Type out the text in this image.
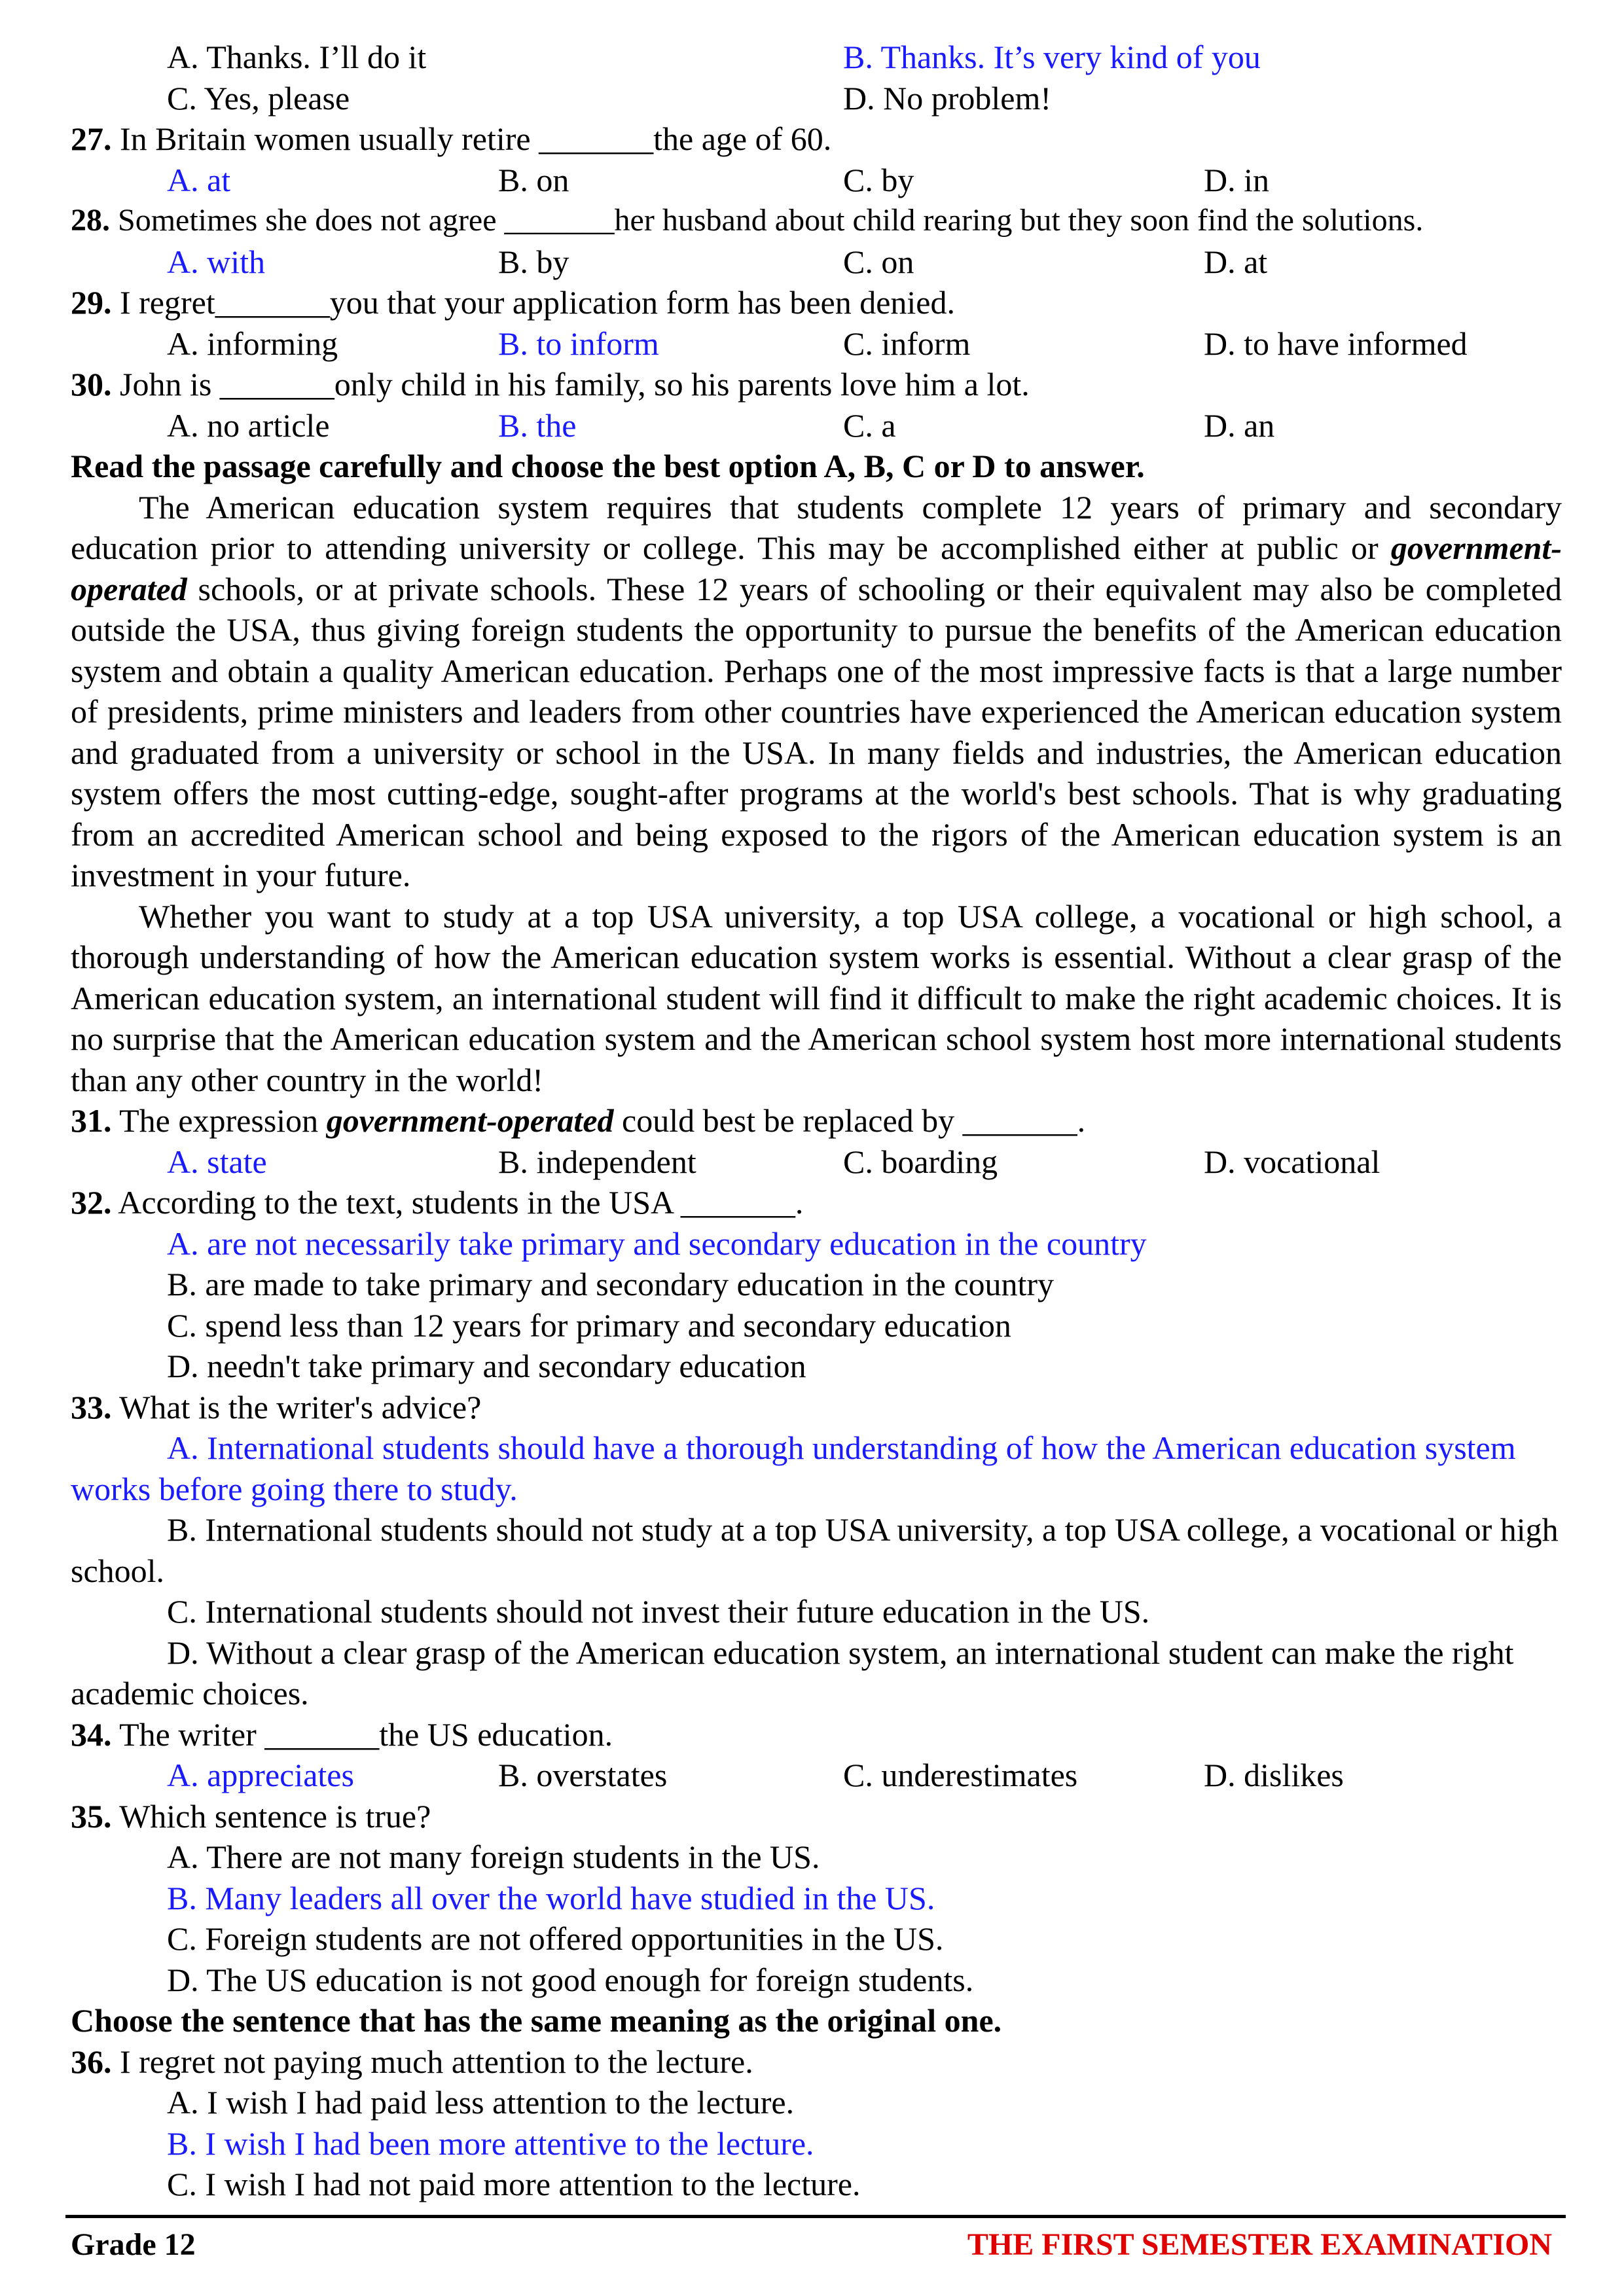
A. Thanks. I’ll do it	B. Thanks. It’s very kind of you
C. Yes, please	D. No problem!
27. In Britain women usually retire _______the age of 60.
A. at	B. on	C. by	D. in
28. Sometimes she does not agree _______her husband about child rearing but they soon find the solutions.
A. with	B. by	C. on	D. at
29. I regret_______you that your application form has been denied.
A. informing	B. to inform	C. inform	D. to have informed
30. John is _______only child in his family, so his parents love him a lot.
A. no article	B. the	C. a	D. an
Read the passage carefully and choose the best option A, B, C or D to answer.

The American education system requires that students complete 12 years of primary and secondary education prior to attending university or college. This may be accomplished either at public or government-operated schools, or at private schools. These 12 years of schooling or their equivalent may also be completed outside the USA, thus giving foreign students the opportunity to pursue the benefits of the American education system and obtain a quality American education. Perhaps one of the most impressive facts is that a large number of presidents, prime ministers and leaders from other countries have experienced the American education system and graduated from a university or school in the USA. In many fields and industries, the American education system offers the most cutting-edge, sought-after programs at the world's best schools. That is why graduating from an accredited American school and being exposed to the rigors of the American education system is an investment in your future.

Whether you want to study at a top USA university, a top USA college, a vocational or high school, a thorough understanding of how the American education system works is essential. Without a clear grasp of the American education system, an international student will find it difficult to make the right academic choices. It is no surprise that the American education system and the American school system host more international students than any other country in the world!

31. The expression government-operated could best be replaced by _______.
A. state	B. independent	C. boarding	D. vocational
32. According to the text, students in the USA _______.
A. are not necessarily take primary and secondary education in the country
B. are made to take primary and secondary education in the country
C. spend less than 12 years for primary and secondary education
D. needn't take primary and secondary education
33. What is the writer's advice?
A. International students should have a thorough understanding of how the American education system works before going there to study.
B. International students should not study at a top USA university, a top USA college, a vocational or high school.
C. International students should not invest their future education in the US.
D. Without a clear grasp of the American education system, an international student can make the right academic choices.
34. The writer _______the US education.
A. appreciates	B. overstates	C. underestimates	D. dislikes
35. Which sentence is true?
A. There are not many foreign students in the US.
B. Many leaders all over the world have studied in the US.
C. Foreign students are not offered opportunities in the US.
D. The US education is not good enough for foreign students.
Choose the sentence that has the same meaning as the original one.
36. I regret not paying much attention to the lecture.
A. I wish I had paid less attention to the lecture.
B. I wish I had been more attentive to the lecture.
C. I wish I had not paid more attention to the lecture.
Grade 12	THE FIRST SEMESTER EXAMINATION
